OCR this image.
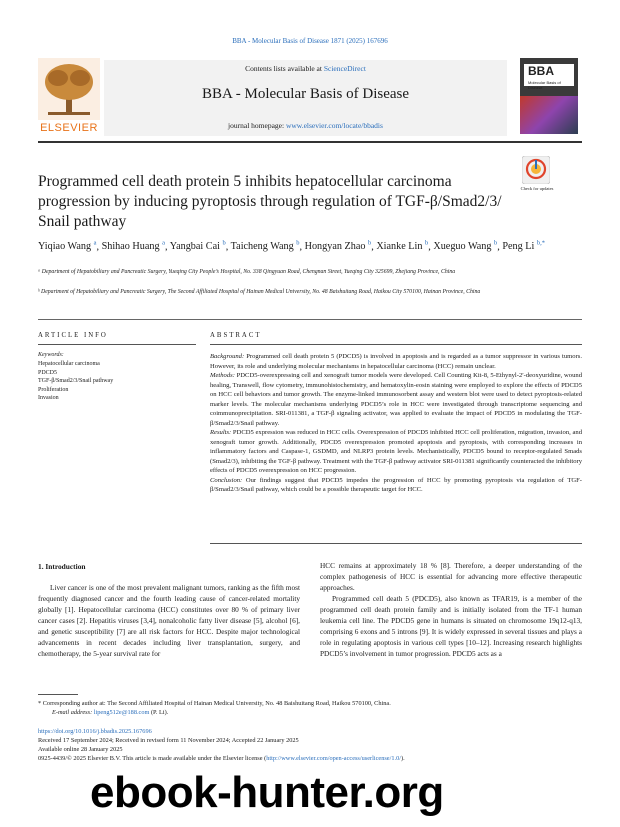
BBA - Molecular Basis of Disease 1871 (2025) 167696
ELSEVIER
Contents lists available at ScienceDirect
BBA - Molecular Basis of Disease
journal homepage: www.elsevier.com/locate/bbadis
BBA
Molecular Basis of Disease
Programmed cell death protein 5 inhibits hepatocellular carcinoma progression by inducing pyroptosis through regulation of TGF-β/Smad2/3/ Snail pathway
Check for updates
Yiqiao Wang $^a$, Shihao Huang $^a$, Yangbai Cai $^b$, Taicheng Wang $^b$, Hongyan Zhao $^b$, Xianke Lin $^b$, Xueguo Wang $^b$, Peng Li $^{b,*}$
ᵃ Department of Hepatobiliary and Pancreatic Surgery, Yueqing City People’s Hospital, No. 338 Qingyuan Road, Chengnan Street, Yueqing City 325699, Zhejiang Province, China
ᵇ Department of Hepatobiliary and Pancreatic Surgery, The Second Affiliated Hospital of Hainan Medical University, No. 48 Baishuitang Road, Haikou City 570100, Hainan Province, China
ARTICLE INFO
Keywords:
Hepatocellular carcinoma
PDCD5
TGF-β/Smad2/3/Snail pathway
Proliferation
Invasion
ABSTRACT

Background: Programmed cell death protein 5 (PDCD5) is involved in apoptosis and is regarded as a tumor suppressor in various tumors. However, its role and underlying molecular mechanisms in hepatocellular carcinoma (HCC) remain unclear.

Methods: PDCD5-overexpressing cell and xenograft tumor models were developed. Cell Counting Kit-8, 5-Ethynyl-2′-deoxyuridine, wound healing, Transwell, flow cytometry, immunohistochemistry, and hematoxylin-eosin staining were employed to explore the effects of PDCD5 on HCC cell behaviors and tumor growth. The enzyme-linked immunosorbent assay and western blot were used to detect pyroptosis-related marker levels. The molecular mechanisms underlying PDCD5’s role in HCC were investigated through transcriptome sequencing and coimmunoprecipitation. SRI-011381, a TGF-β signaling activator, was applied to evaluate the impact of PDCD5 in modulating the TGF-β/Smad2/3/Snail pathway.

Results: PDCD5 expression was reduced in HCC cells. Overexpression of PDCD5 inhibited HCC cell proliferation, migration, invasion, and xenograft tumor growth. Additionally, PDCD5 overexpression promoted apoptosis and pyroptosis, with corresponding increases in inflammatory factors and Caspase-1, GSDMD, and NLRP3 protein levels. Mechanistically, PDCD5 bound to receptor-regulated Smads (Smad2/3), inhibiting the TGF-β pathway. Treatment with the TGF-β pathway activator SRI-011381 significantly counteracted the inhibitory effects of PDCD5 overexpression on HCC progression.

Conclusion: Our findings suggest that PDCD5 impedes the progression of HCC by promoting pyroptosis via regulation of TGF-β/Smad2/3/Snail pathway, which could be a possible therapeutic target for HCC.

1. Introduction

Liver cancer is one of the most prevalent malignant tumors, ranking as the fifth most frequently diagnosed cancer and the fourth leading cause of cancer-related mortality globally [1]. Hepatocellular carcinoma (HCC) constitutes over 80 % of primary liver cancer cases [2]. Hepatitis viruses [3,4], nonalcoholic fatty liver disease [5], alcohol [6], and genetic susceptibility [7] are all risk factors for HCC. Despite major technological advancements in recent decades including liver transplantation, surgery, and chemotherapy, the 5-year survival rate for

HCC remains at approximately 18 % [8]. Therefore, a deeper understanding of the complex pathogenesis of HCC is essential for advancing more effective therapeutic approaches.

Programmed cell death 5 (PDCD5), also known as TFAR19, is a member of the programmed cell death protein family and is initially isolated from the TF-1 human leukemia cell line. The PDCD5 gene in humans is situated on chromosome 19q12-q13, comprising 6 exons and 5 introns [9]. It is widely expressed in several tissues and plays a role in regulating apoptosis in various cell types [10–12]. Increasing research highlights PDCD5’s involvement in tumor progression. PDCD5 acts as a

* Corresponding author at: The Second Affiliated Hospital of Hainan Medical University, No. 48 Baishuitang Road, Haikou 570100, China.
E-mail address: lipeng512e@188.com (P. Li).
https://doi.org/10.1016/j.bbadis.2025.167696
Received 17 September 2024; Received in revised form 11 November 2024; Accepted 22 January 2025
Available online 28 January 2025
0925-4439/© 2025 Elsevier B.V. This article is made available under the Elsevier license (http://www.elsevier.com/open-access/userlicense/1.0/).
ebook-hunter.org
